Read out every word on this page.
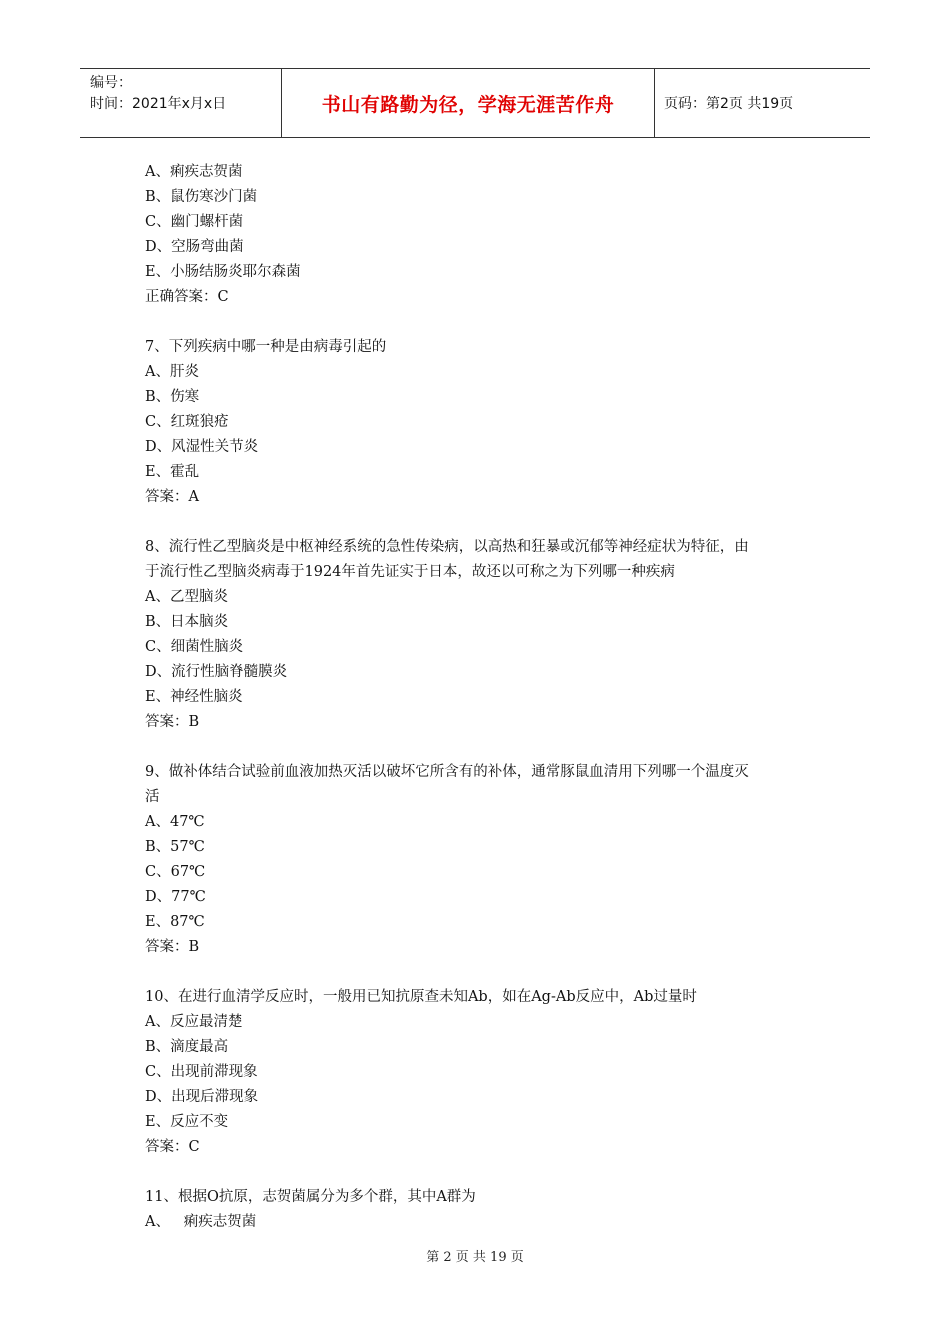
编号：
时间：2021年x月x日	书山有路勤为径，学海无涯苦作舟	页码：第2页 共19页
A、痢疾志贺菌
B、鼠伤寒沙门菌
C、幽门螺杆菌
D、空肠弯曲菌
E、小肠结肠炎耶尔森菌
正确答案：C
7、下列疾病中哪一种是由病毒引起的
A、肝炎
B、伤寒
C、红斑狼疮
D、风湿性关节炎
E、霍乱
答案：A
8、流行性乙型脑炎是中枢神经系统的急性传染病，以高热和狂暴或沉郁等神经症状为特征，由
于流行性乙型脑炎病毒于1924年首先证实于日本，故还以可称之为下列哪一种疾病
A、乙型脑炎
B、日本脑炎
C、细菌性脑炎
D、流行性脑脊髓膜炎
E、神经性脑炎
答案：B
9、做补体结合试验前血液加热灭活以破坏它所含有的补体，通常豚鼠血清用下列哪一个温度灭
活
A、47℃
B、57℃
C、67℃
D、77℃
E、87℃
答案：B
10、在进行血清学反应时，一般用已知抗原查未知Ab，如在Ag-Ab反应中，Ab过量时
A、反应最清楚
B、滴度最高
C、出现前滞现象
D、出现后滞现象
E、反应不变
答案：C
11、根据O抗原，志贺菌属分为多个群，其中A群为
A、   痢疾志贺菌
第 2 页 共 19 页
